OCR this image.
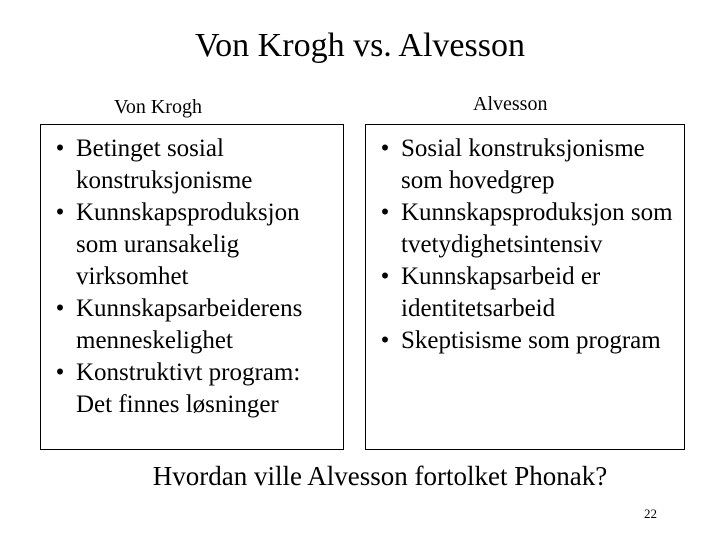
Von Krogh vs. Alvesson
Von Krogh	Alvesson
• Betinget sosial konstruksjonisme
• Kunnskapsproduksjon som uransakelig virksomhet
• Kunnskapsarbeiderens menneskelighet
• Konstruktivt program: Det finnes løsninger
• Sosial konstruksjonisme som hovedgrep
• Kunnskapsproduksjon som tvetydighetsintensiv
• Kunnskapsarbeid er identitetsarbeid
• Skeptisisme som program
Hvordan ville Alvesson fortolket Phonak?
22
